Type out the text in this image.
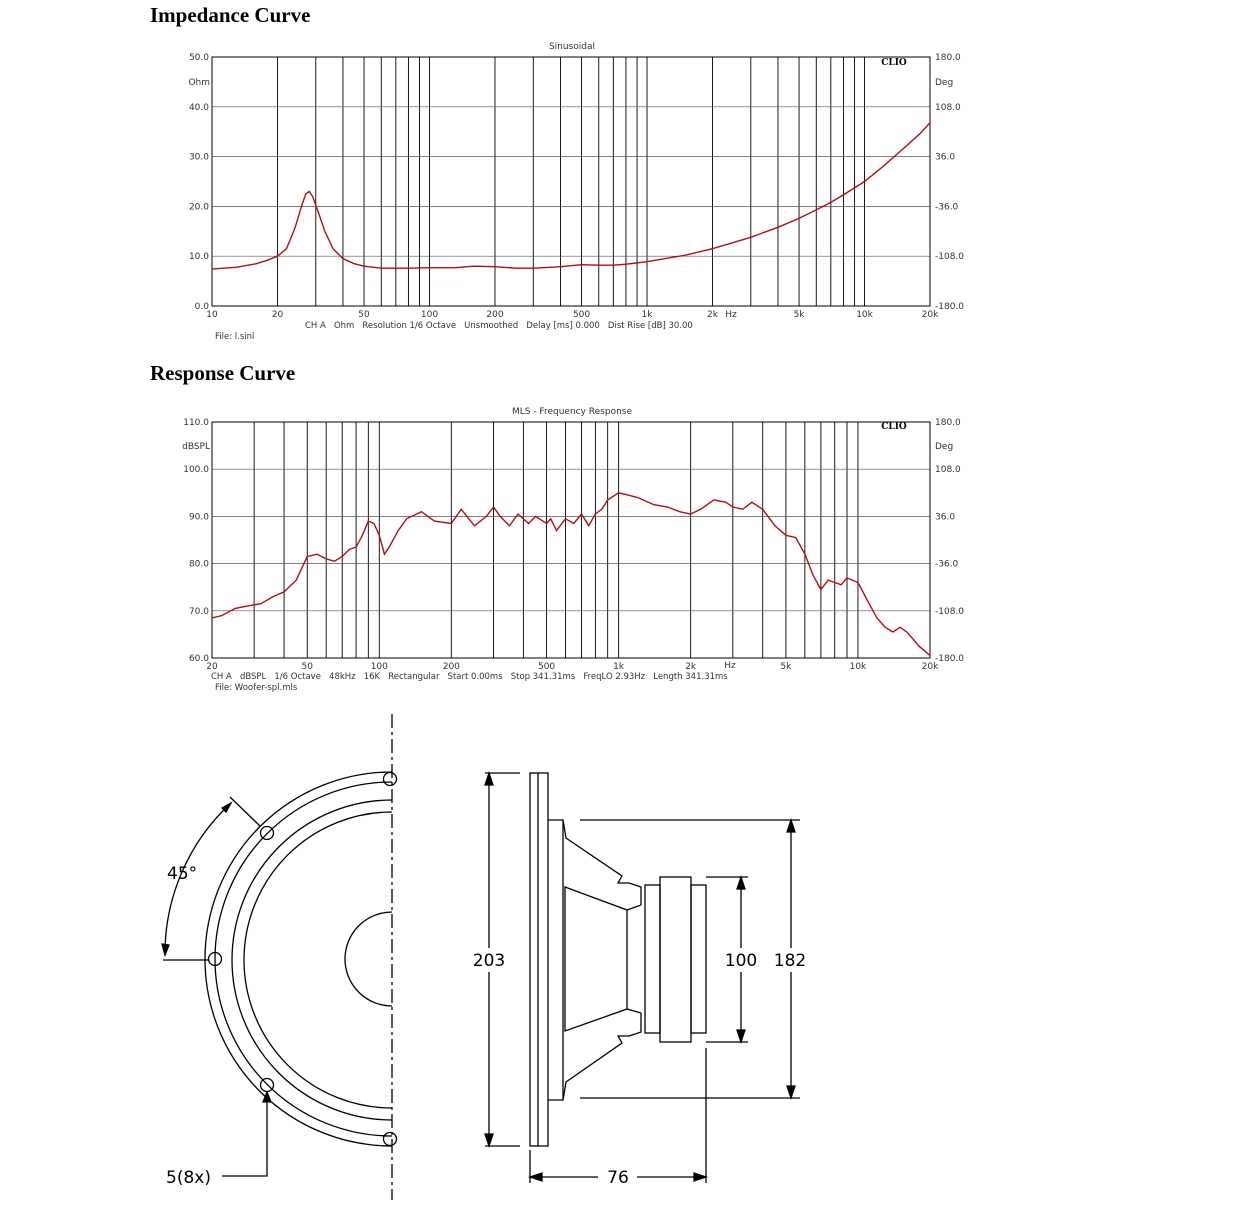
Impedance Curve
Response Curve
Sinusoidal
CLIO
Ohm	Deg
Hz
CH A   Ohm   Resolution 1/6 Octave   Unsmoothed   Delay [ms] 0.000   Dist Rise [dB] 30.00
File: l.sinl
50.0
40.0
30.0
20.0
10.0
0.0
180.0
108.0
36.0
-36.0
-108.0
-180.0
10	20	50	100	200	500	1k	2k	5k	10k	20k
MLS - Frequency Response
CLIO
dBSPL	Deg
Hz
CH A   dBSPL   1/6 Octave   48kHz   16K   Rectangular   Start 0.00ms   Stop 341.31ms   FreqLO 2.93Hz   Length 341.31ms
File: Woofer-spl.mls
110.0
100.0
90.0
80.0
70.0
60.0
180.0
108.0
36.0
-36.0
-108.0
-180.0
20	50	100	200	500	1k	2k	5k	10k	20k
45°
5(8x)
203	182
100
76
